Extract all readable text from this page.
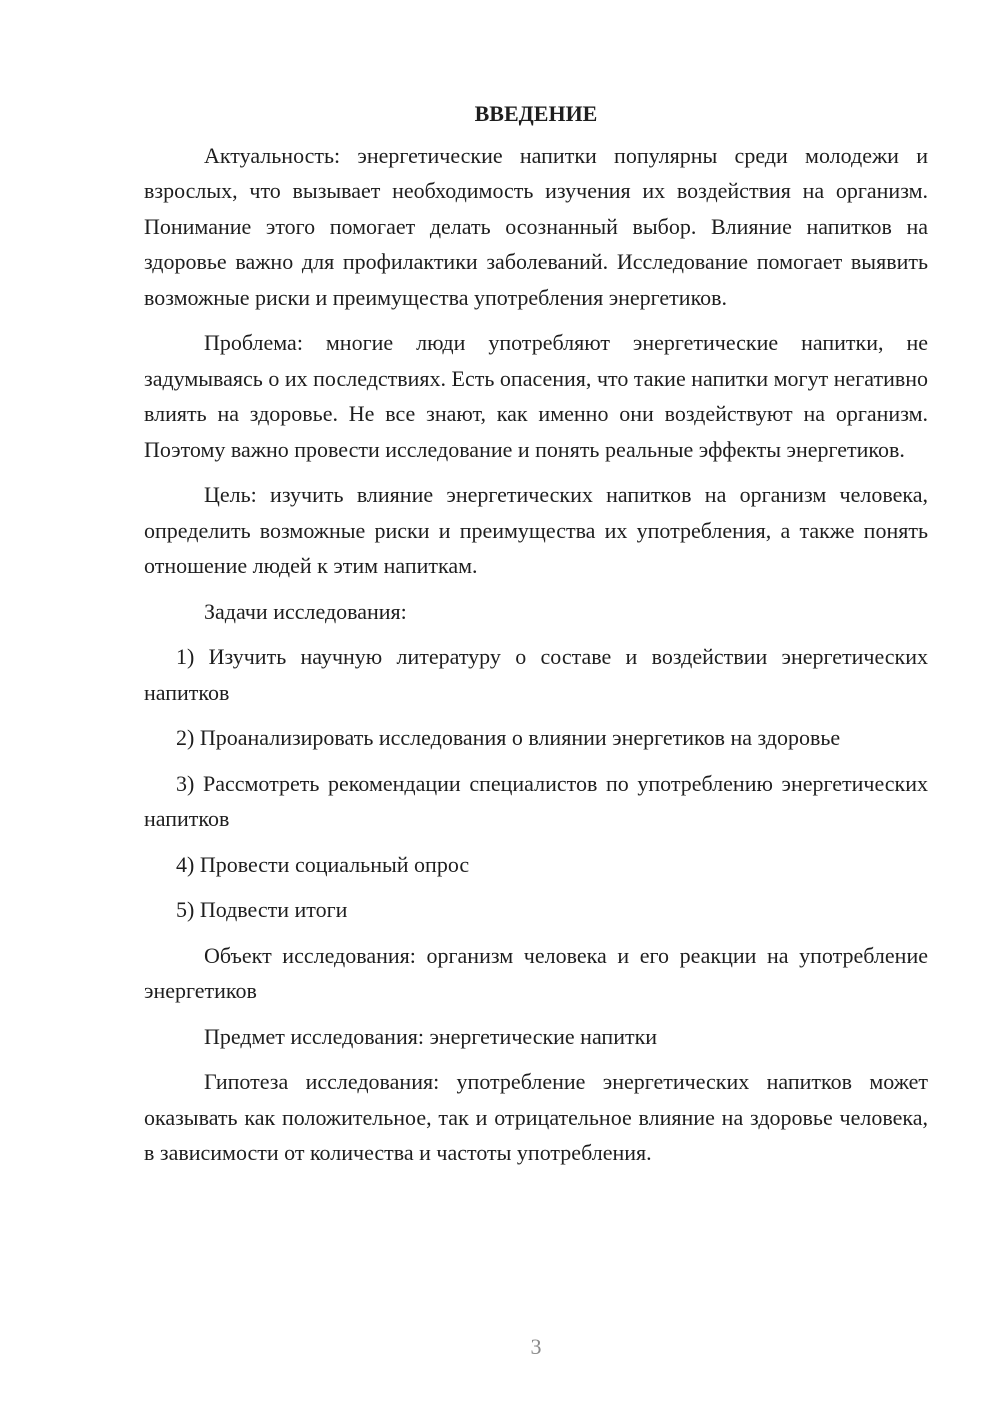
ВВЕДЕНИЕ

Актуальность: энергетические напитки популярны среди молодежи и взрослых, что вызывает необходимость изучения их воздействия на организм. Понимание этого помогает делать осознанный выбор. Влияние напитков на здоровье важно для профилактики заболеваний. Исследование помогает выявить возможные риски и преимущества употребления энергетиков.

Проблема: многие люди употребляют энергетические напитки, не задумываясь о их последствиях. Есть опасения, что такие напитки могут негативно влиять на здоровье. Не все знают, как именно они воздействуют на организм. Поэтому важно провести исследование и понять реальные эффекты энергетиков.

Цель: изучить влияние энергетических напитков на организм человека, определить возможные риски и преимущества их употребления, а также понять отношение людей к этим напиткам.

Задачи исследования:

1) Изучить научную литературу о составе и воздействии энергетических напитков

2) Проанализировать исследования о влиянии энергетиков на здоровье

3) Рассмотреть рекомендации специалистов по употреблению энергетических напитков

4) Провести социальный опрос

5) Подвести итоги

Объект исследования: организм человека и его реакции на употребление энергетиков

Предмет исследования: энергетические напитки

Гипотеза исследования: употребление энергетических напитков может оказывать как положительное, так и отрицательное влияние на здоровье человека, в зависимости от количества и частоты употребления.

3
